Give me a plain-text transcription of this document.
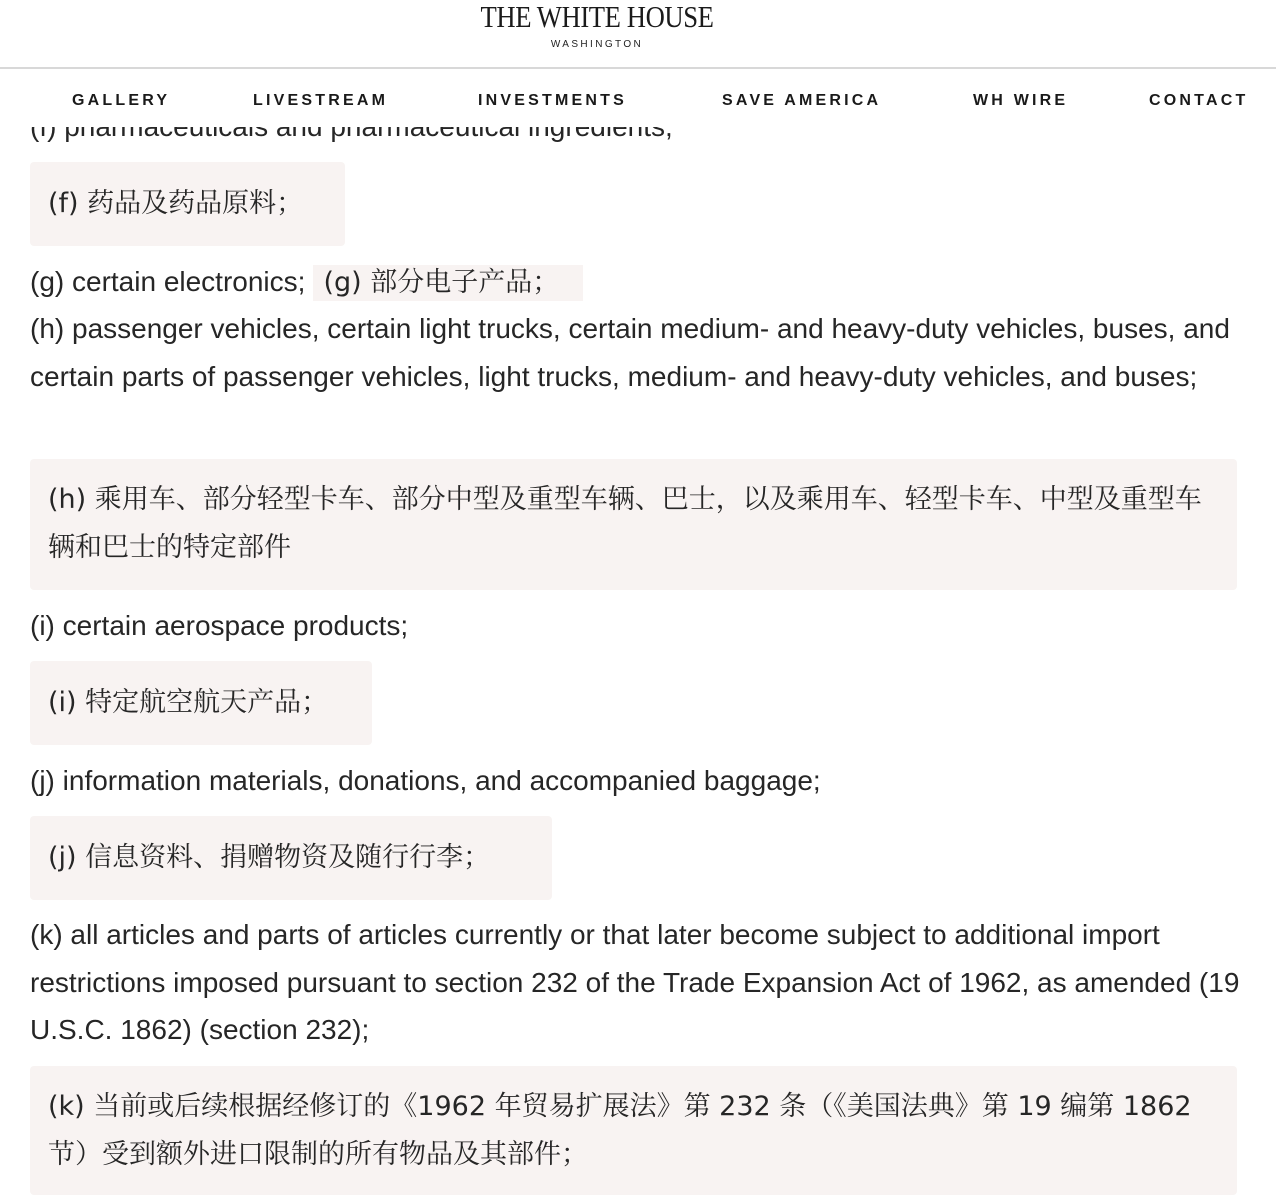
(f) 药品及药品原料；
(g) certain electronics; (g) 部分电子产品；
(h) passenger vehicles, certain light trucks, certain medium- and heavy-duty vehicles, buses, and certain parts of passenger vehicles, light trucks, medium- and heavy-duty vehicles, and buses;
(h) 乘用车、部分轻型卡车、部分中型及重型车辆、巴士，以及乘用车、轻型卡车、中型及重型车辆和巴士的特定部件
(i) certain aerospace products;
(i) 特定航空航天产品；
(j) information materials, donations, and accompanied baggage;
(j) 信息资料、捐赠物资及随行行李；
(k) all articles and parts of articles currently or that later become subject to additional import restrictions imposed pursuant to section 232 of the Trade Expansion Act of 1962, as amended (19 U.S.C. 1862) (section 232);
(k) 当前或后续根据经修订的《1962 年贸易扩展法》第 232 条（《美国法典》第 19 编第 1862 节）受到额外进口限制的所有物品及其部件；
THE WHITE HOUSE
WASHINGTON
GALLERY	LIVESTREAM	INVESTMENTS	SAVE AMERICA	WH WIRE	CONTACT
